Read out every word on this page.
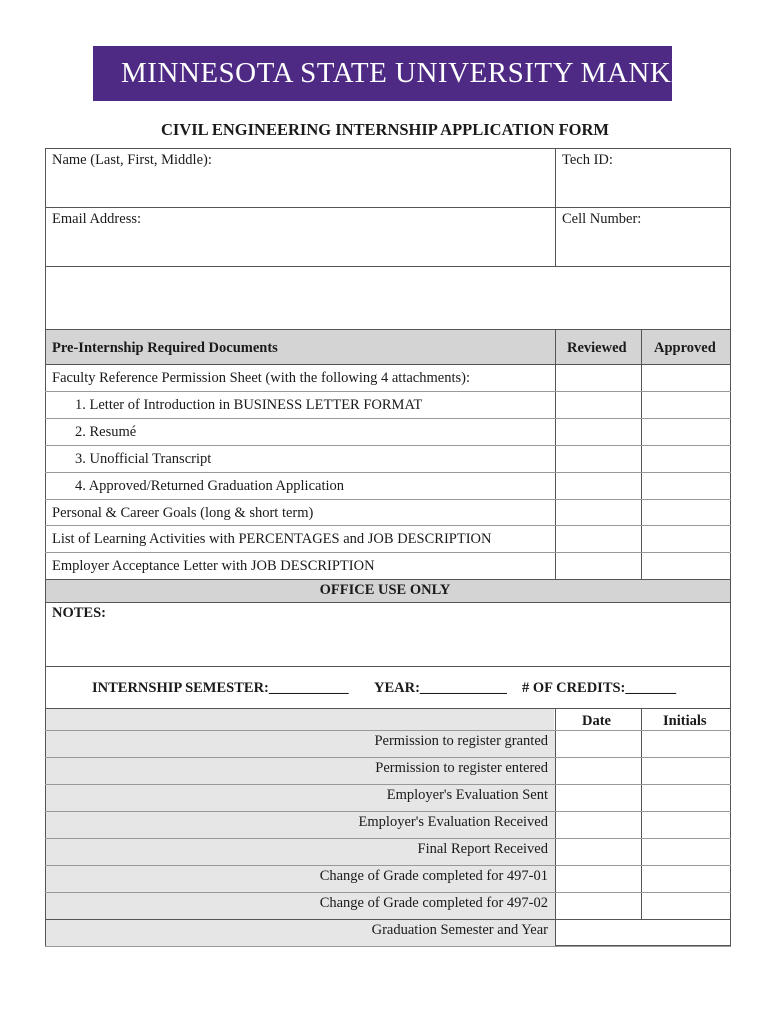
MINNESOTA STATE UNIVERSITY MANKATO
CIVIL ENGINEERING INTERNSHIP APPLICATION FORM
Name (Last, First, Middle):	Tech ID:
Email Address:	Cell Number:
Pre-Internship Required Documents	Reviewed Approved
Faculty Reference Permission Sheet (with the following 4 attachments):
1. Letter of Introduction in BUSINESS LETTER FORMAT
2. Resumé
3. Unofficial Transcript
4. Approved/Returned Graduation Application
Personal & Career Goals (long & short term)
List of Learning Activities with PERCENTAGES and JOB DESCRIPTION
Employer Acceptance Letter with JOB DESCRIPTION
OFFICE USE ONLY
NOTES:
INTERNSHIP SEMESTER:___________ YEAR:____________ # OF CREDITS:_______
Date	Initials
Permission to register granted
Permission to register entered
Employer's Evaluation Sent
Employer's Evaluation Received
Final Report Received
Change of Grade completed for 497-01
Change of Grade completed for 497-02
Graduation Semester and Year
